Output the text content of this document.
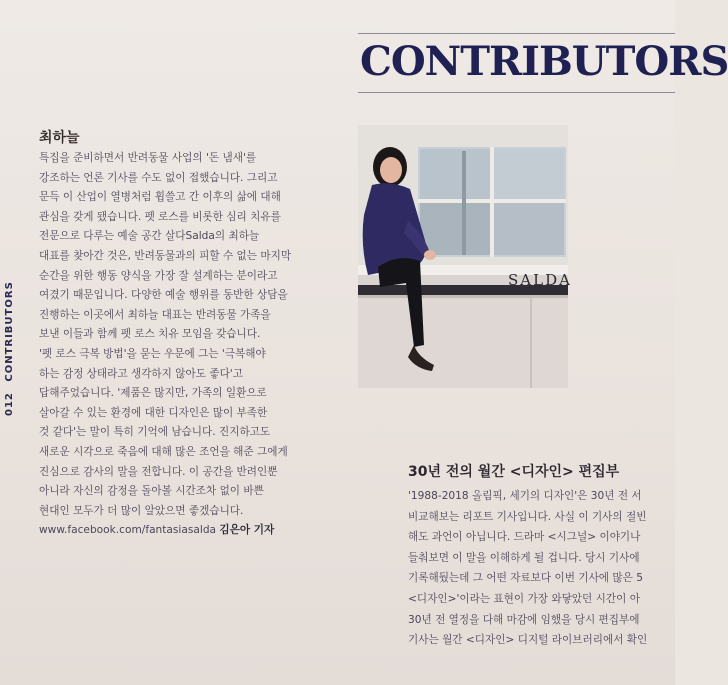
CONTRIBUTORS
012 CONTRIBUTORS
최하늘
특집을 준비하면서 반려동물 사업의 '돈 냄새'를
강조하는 언론 기사를 수도 없이 접했습니다. 그리고
문득 이 산업이 열병처럼 휩쓸고 간 이후의 삶에 대해
관심을 갖게 됐습니다. 펫 로스를 비롯한 심리 치유를
전문으로 다루는 예술 공간 살다Salda의 최하늘
대표를 찾아간 것은, 반려동물과의 피할 수 없는 마지막
순간을 위한 행동 양식을 가장 잘 설계하는 분이라고
여겼기 때문입니다. 다양한 예술 행위를 동반한 상담을
진행하는 이곳에서 최하늘 대표는 반려동물 가족을
보낸 이들과 함께 펫 로스 치유 모임을 갖습니다.
'펫 로스 극복 방법'을 묻는 우문에 그는 '극복해야
하는 감정 상태라고 생각하지 않아도 좋다'고
답해주었습니다. '제품은 많지만, 가족의 일환으로
살아갈 수 있는 환경에 대한 디자인은 많이 부족한
것 같다'는 말이 특히 기억에 남습니다. 진지하고도
새로운 시각으로 죽음에 대해 많은 조언을 해준 그에게
진심으로 감사의 말을 전합니다. 이 공간을 반려인뿐
아니라 자신의 감정을 돌아볼 시간조차 없이 바쁜
현대인 모두가 더 많이 알았으면 좋겠습니다.
www.facebook.com/fantasiasalda 김은아 기자
SALDA
30년 전의 월간 <디자인> 편집부
'1988-2018 올림픽, 세기의 디자인'은 30년 전 서
비교해보는 리포트 기사입니다. 사실 이 기사의 절빈
해도 과언이 아닙니다. 드라마 <시그널> 이야기나
들춰보면 이 말을 이해하게 될 겁니다. 당시 기사에
기록해뒀는데 그 어떤 자료보다 이번 기사에 많은 5
<디자인>'이라는 표현이 가장 와닿았던 시간이 아
30년 전 열정을 다해 마감에 임했을 당시 편집부에
기사는 월간 <디자인> 디지털 라이브러리에서 확인
